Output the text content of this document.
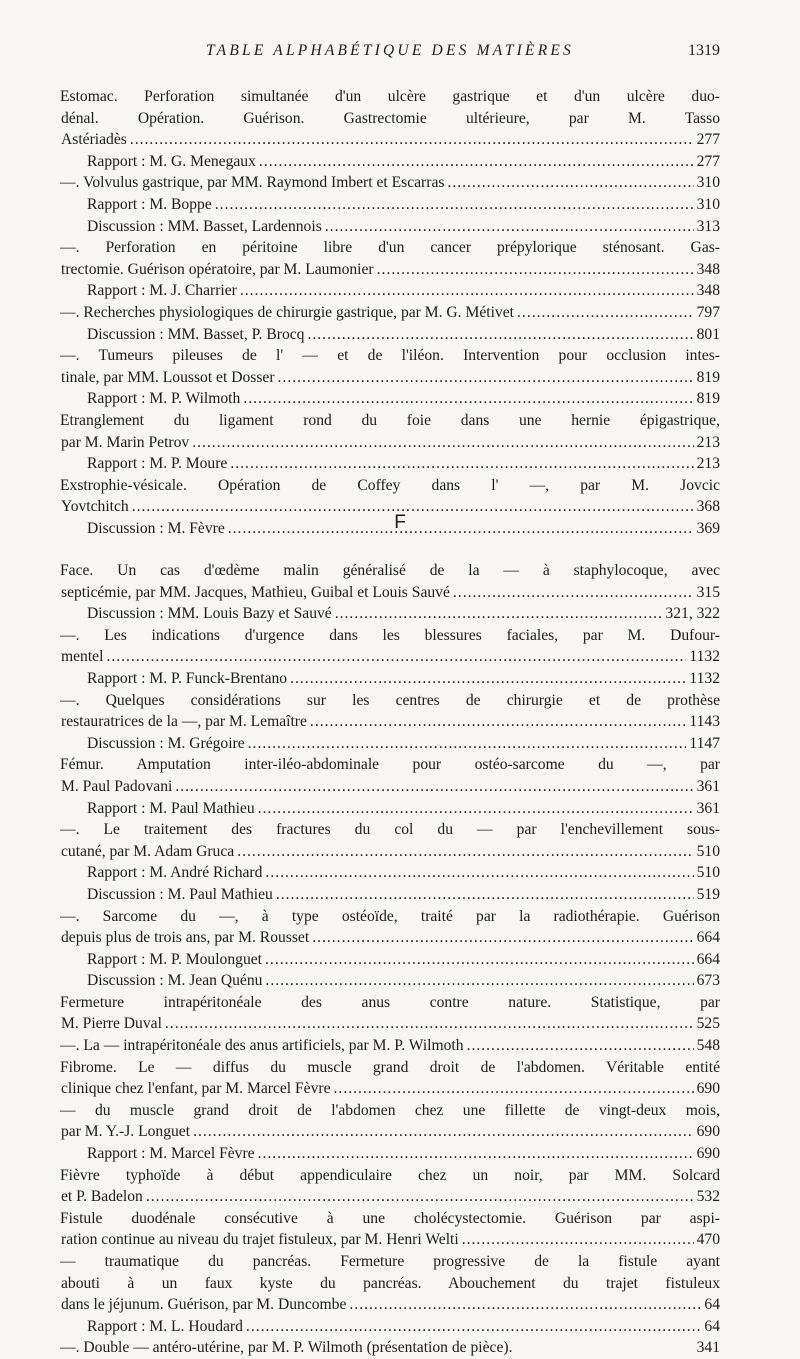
TABLE ALPHABÉTIQUE DES MATIÈRES	1319
Estomac. Perforation simultanée d'un ulcère gastrique et d'un ulcère duo-
dénal. Opération. Guérison. Gastrectomie ultérieure, par M. Tasso
Astériadès .....	277
Rapport : M. G. Menegaux .....	277
—. Volvulus gastrique, par MM. Raymond Imbert et Escarras .....	310
Rapport : M. Boppe .....	310
Discussion : MM. Basset, Lardennois .....	313
—. Perforation en péritoine libre d'un cancer prépylorique sténosant. Gas-
trectomie. Guérison opératoire, par M. Laumonier .....	348
Rapport : M. J. Charrier .....	348
—. Recherches physiologiques de chirurgie gastrique, par M. G. Métivet .....	797
Discussion : MM. Basset, P. Brocq .....	801
—. Tumeurs pileuses de l' — et de l'iléon. Intervention pour occlusion intes-
tinale, par MM. Loussot et Dosser .....	819
Rapport : M. P. Wilmoth .....	819
Etranglement du ligament rond du foie dans une hernie épigastrique,
par M. Marin Petrov .....	213
Rapport : M. P. Moure .....	213
Exstrophie-vésicale. Opération de Coffey dans l' —, par M. Jovcic
Yovtchitch .....	368
Discussion : M. Fèvre .....	369
F
Face. Un cas d'œdème malin généralisé de la — à staphylocoque, avec
septicémie, par MM. Jacques, Mathieu, Guibal et Louis Sauvé .....	315
Discussion : MM. Louis Bazy et Sauvé .....	321, 322
—. Les indications d'urgence dans les blessures faciales, par M. Dufour-
mentel .....	1132
Rapport : M. P. Funck-Brentano .....	1132
—. Quelques considérations sur les centres de chirurgie et de prothèse
restauratrices de la —, par M. Lemaître .....	1143
Discussion : M. Grégoire .....	1147
Fémur. Amputation inter-iléo-abdominale pour ostéo-sarcome du —, par
M. Paul Padovani .....	361
Rapport : M. Paul Mathieu .....	361
—. Le traitement des fractures du col du — par l'enchevillement sous-
cutané, par M. Adam Gruca .....	510
Rapport : M. André Richard .....	510
Discussion : M. Paul Mathieu .....	519
—. Sarcome du —, à type ostéoïde, traité par la radiothérapie. Guérison
depuis plus de trois ans, par M. Rousset .....	664
Rapport : M. P. Moulonguet .....	664
Discussion : M. Jean Quénu .....	673
Fermeture intrapéritonéale des anus contre nature. Statistique, par
M. Pierre Duval .....	525
—. La — intrapéritonéale des anus artificiels, par M. P. Wilmoth .....	548
Fibrome. Le — diffus du muscle grand droit de l'abdomen. Véritable entité
clinique chez l'enfant, par M. Marcel Fèvre .....	690
— du muscle grand droit de l'abdomen chez une fillette de vingt-deux mois,
par M. Y.-J. Longuet .....	690
Rapport : M. Marcel Fèvre .....	690
Fièvre typhoïde à début appendiculaire chez un noir, par MM. Solcard
et P. Badelon .....	532
Fistule duodénale consécutive à une cholécystectomie. Guérison par aspi-
ration continue au niveau du trajet fistuleux, par M. Henri Welti .....	470
— traumatique du pancréas. Fermeture progressive de la fistule ayant
abouti à un faux kyste du pancréas. Abouchement du trajet fistuleux
dans le jéjunum. Guérison, par M. Duncombe .....	64
Rapport : M. L. Houdard .....	64
—. Double — antéro-utérine, par M. P. Wilmoth (présentation de pièce).	341
